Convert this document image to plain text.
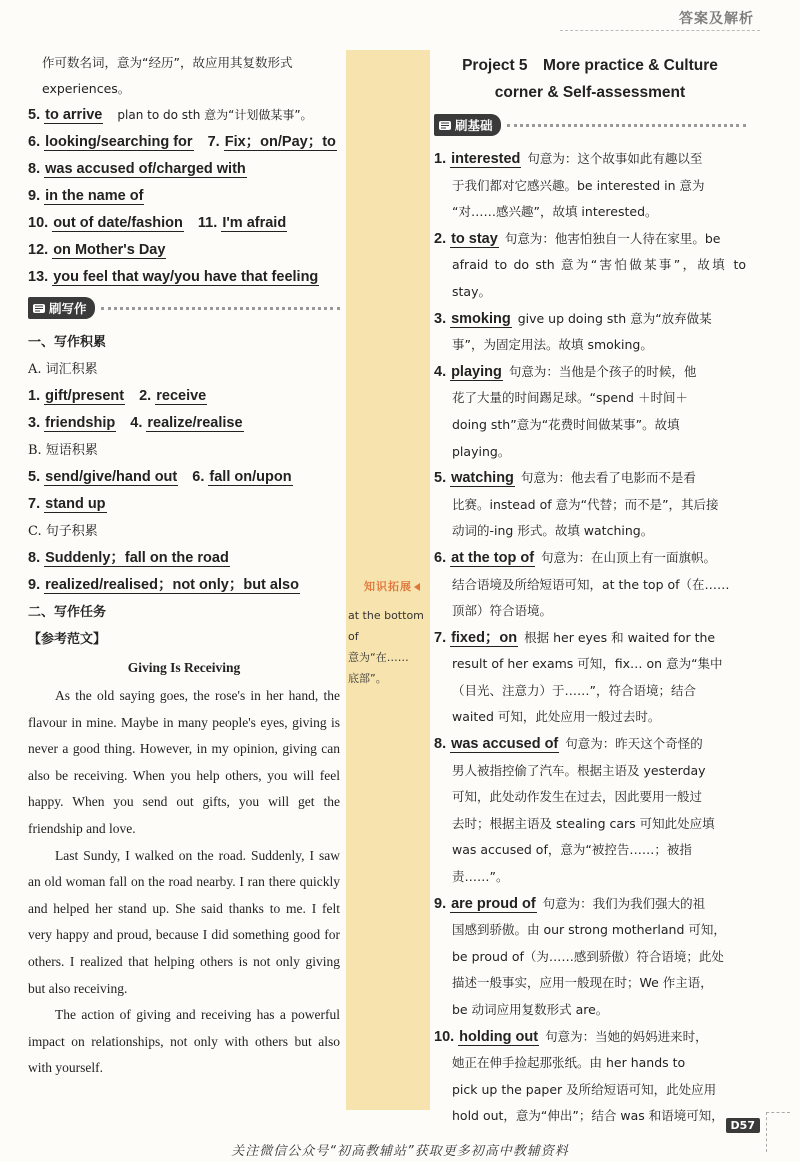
答案及解析
知识拓展
at the bottom of
意为“在……
底部”。
作可数名词，意为“经历”，故应用其复数形式
experiences。
5. to arrive plan to do sth 意为“计划做某事”。
6. looking/searching for 7. Fix；on/Pay；to
8. was accused of/charged with
9. in the name of
10. out of date/fashion 11. I'm afraid
12. on Mother's Day
13. you feel that way/you have that feeling
刷写作
一、写作积累
A. 词汇积累
1. gift/present 2. receive
3. friendship 4. realize/realise
B. 短语积累
5. send/give/hand out 6. fall on/upon
7. stand up
C. 句子积累
8. Suddenly；fall on the road
9. realized/realised；not only；but also
二、写作任务
【参考范文】
Giving Is Receiving

As the old saying goes, the rose's in her hand, the flavour in mine. Maybe in many people's eyes, giving is never a good thing. However, in my opinion, giving can also be receiving. When you help others, you will feel happy. When you send out gifts, you will get the friendship and love.

Last Sundy, I walked on the road. Suddenly, I saw an old woman fall on the road nearby. I ran there quickly and helped her stand up. She said thanks to me. I felt very happy and proud, because I did something good for others. I realized that helping others is not only giving but also receiving.

The action of giving and receiving has a powerful impact on relationships, not only with others but also with yourself.

Project 5　More practice & Culture
corner & Self-assessment
刷基础
1. interested 句意为：这个故事如此有趣以至
于我们都对它感兴趣。be interested in 意为
“对……感兴趣”，故填 interested。
2. to stay 句意为：他害怕独自一人待在家里。be
afraid to do sth 意为“害怕做某事”，故填 to stay。
3. smoking give up doing sth 意为“放弃做某
事”，为固定用法。故填 smoking。
4. playing 句意为：当他是个孩子的时候，他
花了大量的时间踢足球。“spend ＋时间＋
doing sth”意为“花费时间做某事”。故填
playing。
5. watching 句意为：他去看了电影而不是看
比赛。instead of 意为“代替；而不是”，其后接
动词的-ing 形式。故填 watching。
6. at the top of 句意为：在山顶上有一面旗帜。
结合语境及所给短语可知，at the top of（在……
顶部）符合语境。
7. fixed；on 根据 her eyes 和 waited for the
result of her exams 可知，fix… on 意为“集中
（目光、注意力）于……”，符合语境；结合
waited 可知，此处应用一般过去时。
8. was accused of 句意为：昨天这个奇怪的
男人被指控偷了汽车。根据主语及 yesterday
可知，此处动作发生在过去，因此要用一般过
去时；根据主语及 stealing cars 可知此处应填
was accused of，意为“被控告……；被指
责……”。
9. are proud of 句意为：我们为我们强大的祖
国感到骄傲。由 our strong motherland 可知，
be proud of（为……感到骄傲）符合语境；此处
描述一般事实，应用一般现在时；We 作主语，
be 动词应用复数形式 are。
10. holding out 句意为：当她的妈妈进来时，
她正在伸手捡起那张纸。由 her hands to
pick up the paper 及所给短语可知，此处应用
hold out，意为“伸出”；结合 was 和语境可知，
D57
关注微信公众号“初高教辅站”获取更多初高中教辅资料
